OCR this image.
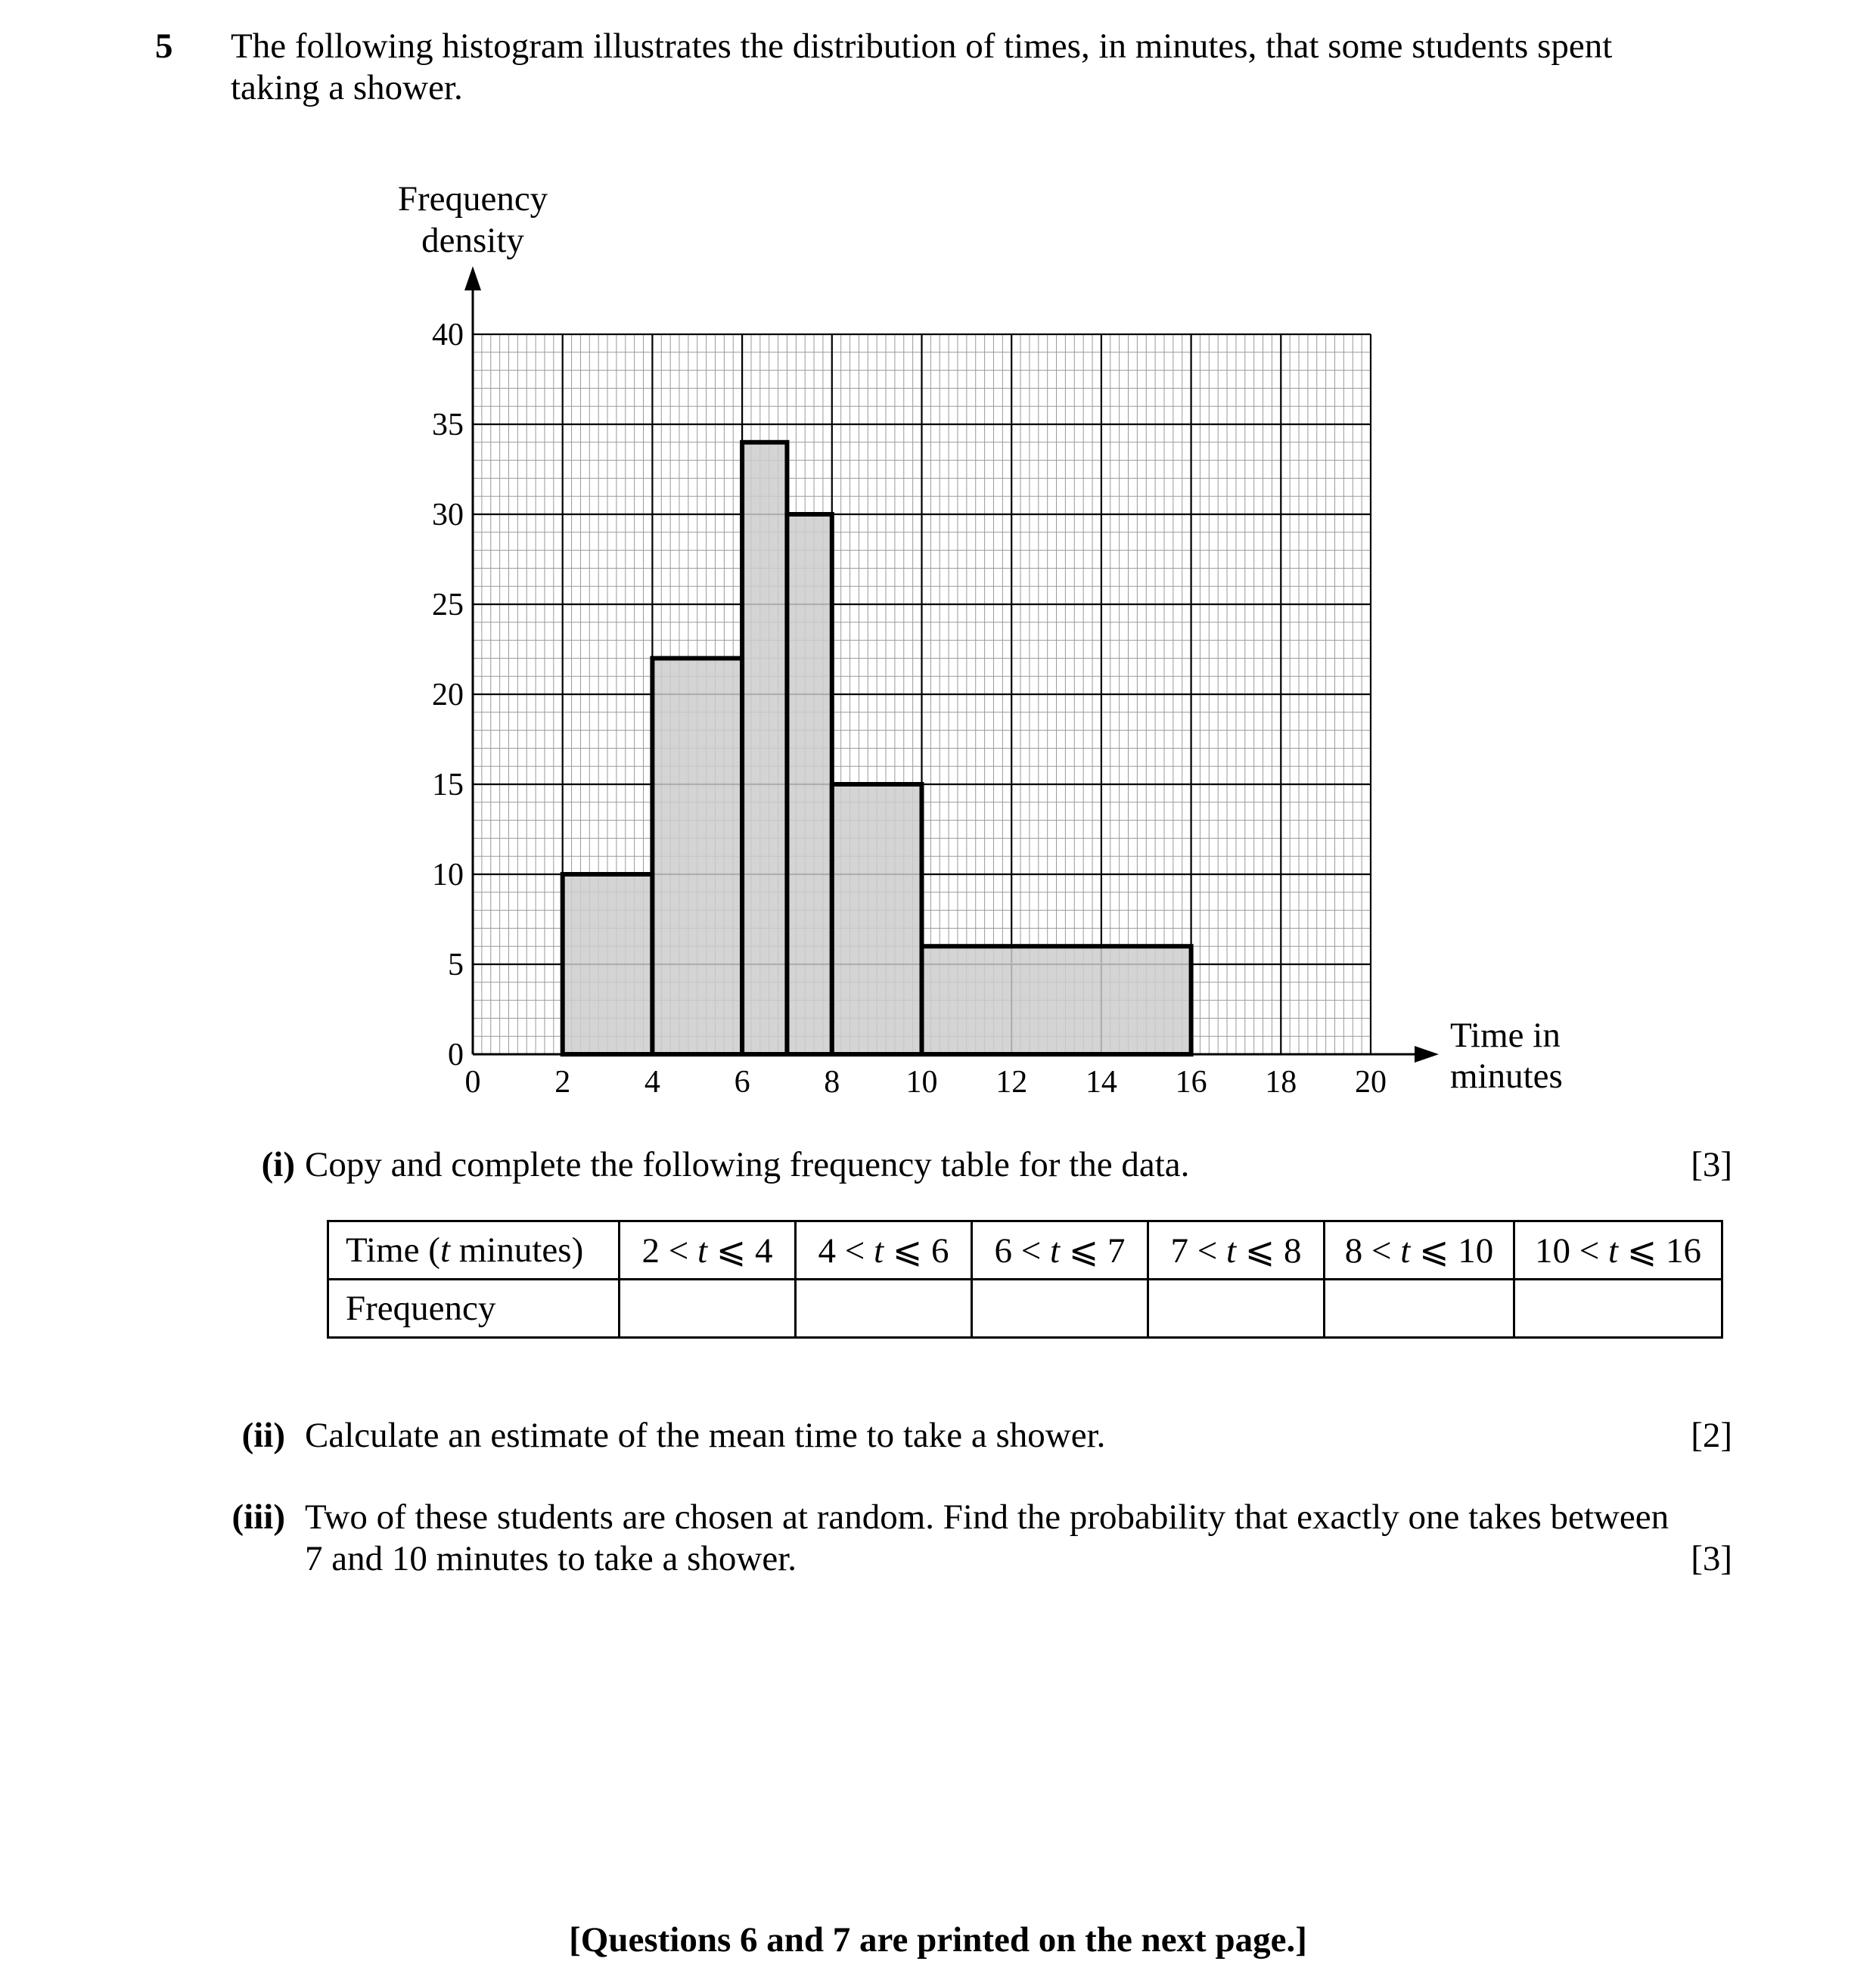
5 The following histogram illustrates the distribution of times, in minutes, that some students spent
taking a shower.
0 2 4 6 8 10 12 14 16 18 20
0
5
10
15
20
25
30
35
40
Frequency
density
Time in
minutes
(i) Copy and complete the following frequency table for the data.	[3]
Time (t minutes)	2 < t ⩽ 4	4 < t ⩽ 6	6 < t ⩽ 7	7 < t ⩽ 8	8 < t ⩽ 10	10 < t ⩽ 16
Frequency						
(ii) Calculate an estimate of the mean time to take a shower.	[2]
(iii) Two of these students are chosen at random. Find the probability that exactly one takes between
7 and 10 minutes to take a shower.	[3]
[Questions 6 and 7 are printed on the next page.]
